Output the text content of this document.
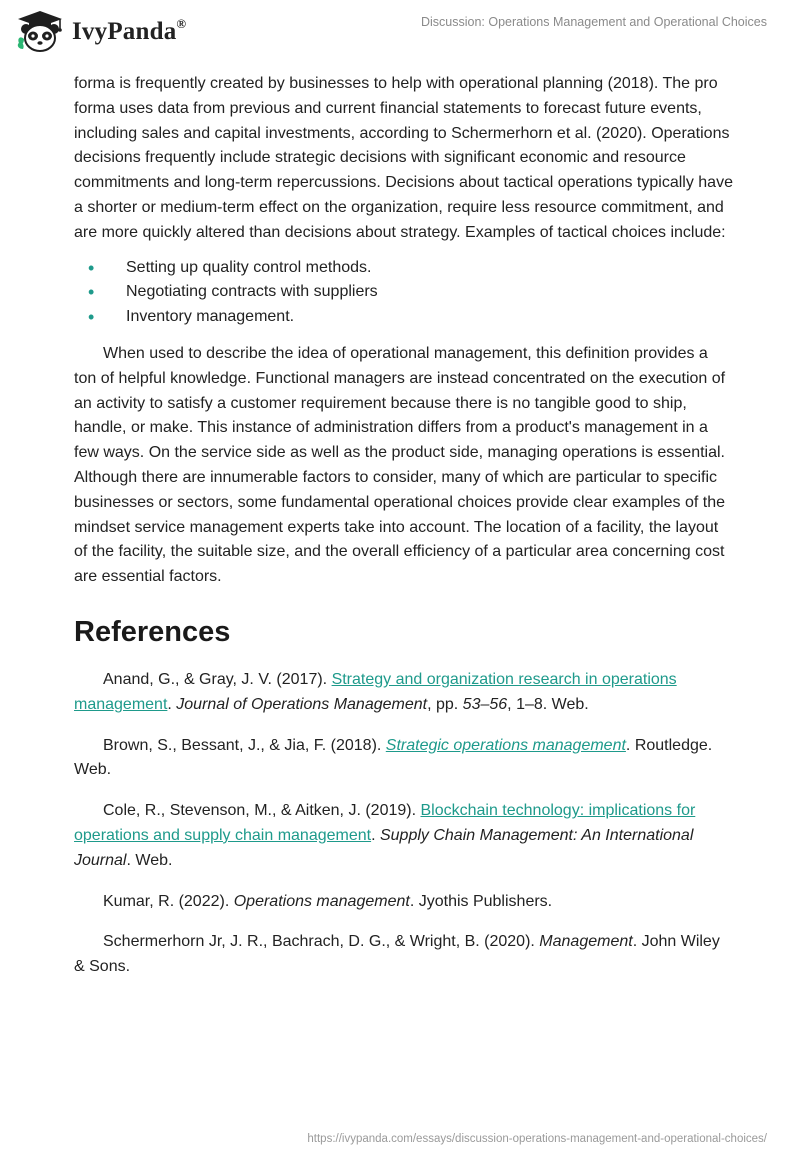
IvyPanda®	Discussion: Operations Management and Operational Choices

forma is frequently created by businesses to help with operational planning (2018). The pro forma uses data from previous and current financial statements to forecast future events, including sales and capital investments, according to Schermerhorn et al. (2020). Operations decisions frequently include strategic decisions with significant economic and resource commitments and long-term repercussions. Decisions about tactical operations typically have a shorter or medium-term effect on the organization, require less resource commitment, and are more quickly altered than decisions about strategy. Examples of tactical choices include:

• Setting up quality control methods.
• Negotiating contracts with suppliers
• Inventory management.

When used to describe the idea of operational management, this definition provides a ton of helpful knowledge. Functional managers are instead concentrated on the execution of an activity to satisfy a customer requirement because there is no tangible good to ship, handle, or make. This instance of administration differs from a product's management in a few ways. On the service side as well as the product side, managing operations is essential. Although there are innumerable factors to consider, many of which are particular to specific businesses or sectors, some fundamental operational choices provide clear examples of the mindset service management experts take into account. The location of a facility, the layout of the facility, the suitable size, and the overall efficiency of a particular area concerning cost are essential factors.

References

Anand, G., & Gray, J. V. (2017). Strategy and organization research in operations management. Journal of Operations Management, pp. 53–56, 1–8. Web.

Brown, S., Bessant, J., & Jia, F. (2018). Strategic operations management. Routledge. Web.

Cole, R., Stevenson, M., & Aitken, J. (2019). Blockchain technology: implications for operations and supply chain management. Supply Chain Management: An International Journal. Web.

Kumar, R. (2022). Operations management. Jyothis Publishers.

Schermerhorn Jr, J. R., Bachrach, D. G., & Wright, B. (2020). Management. John Wiley & Sons.

https://ivypanda.com/essays/discussion-operations-management-and-operational-choices/
